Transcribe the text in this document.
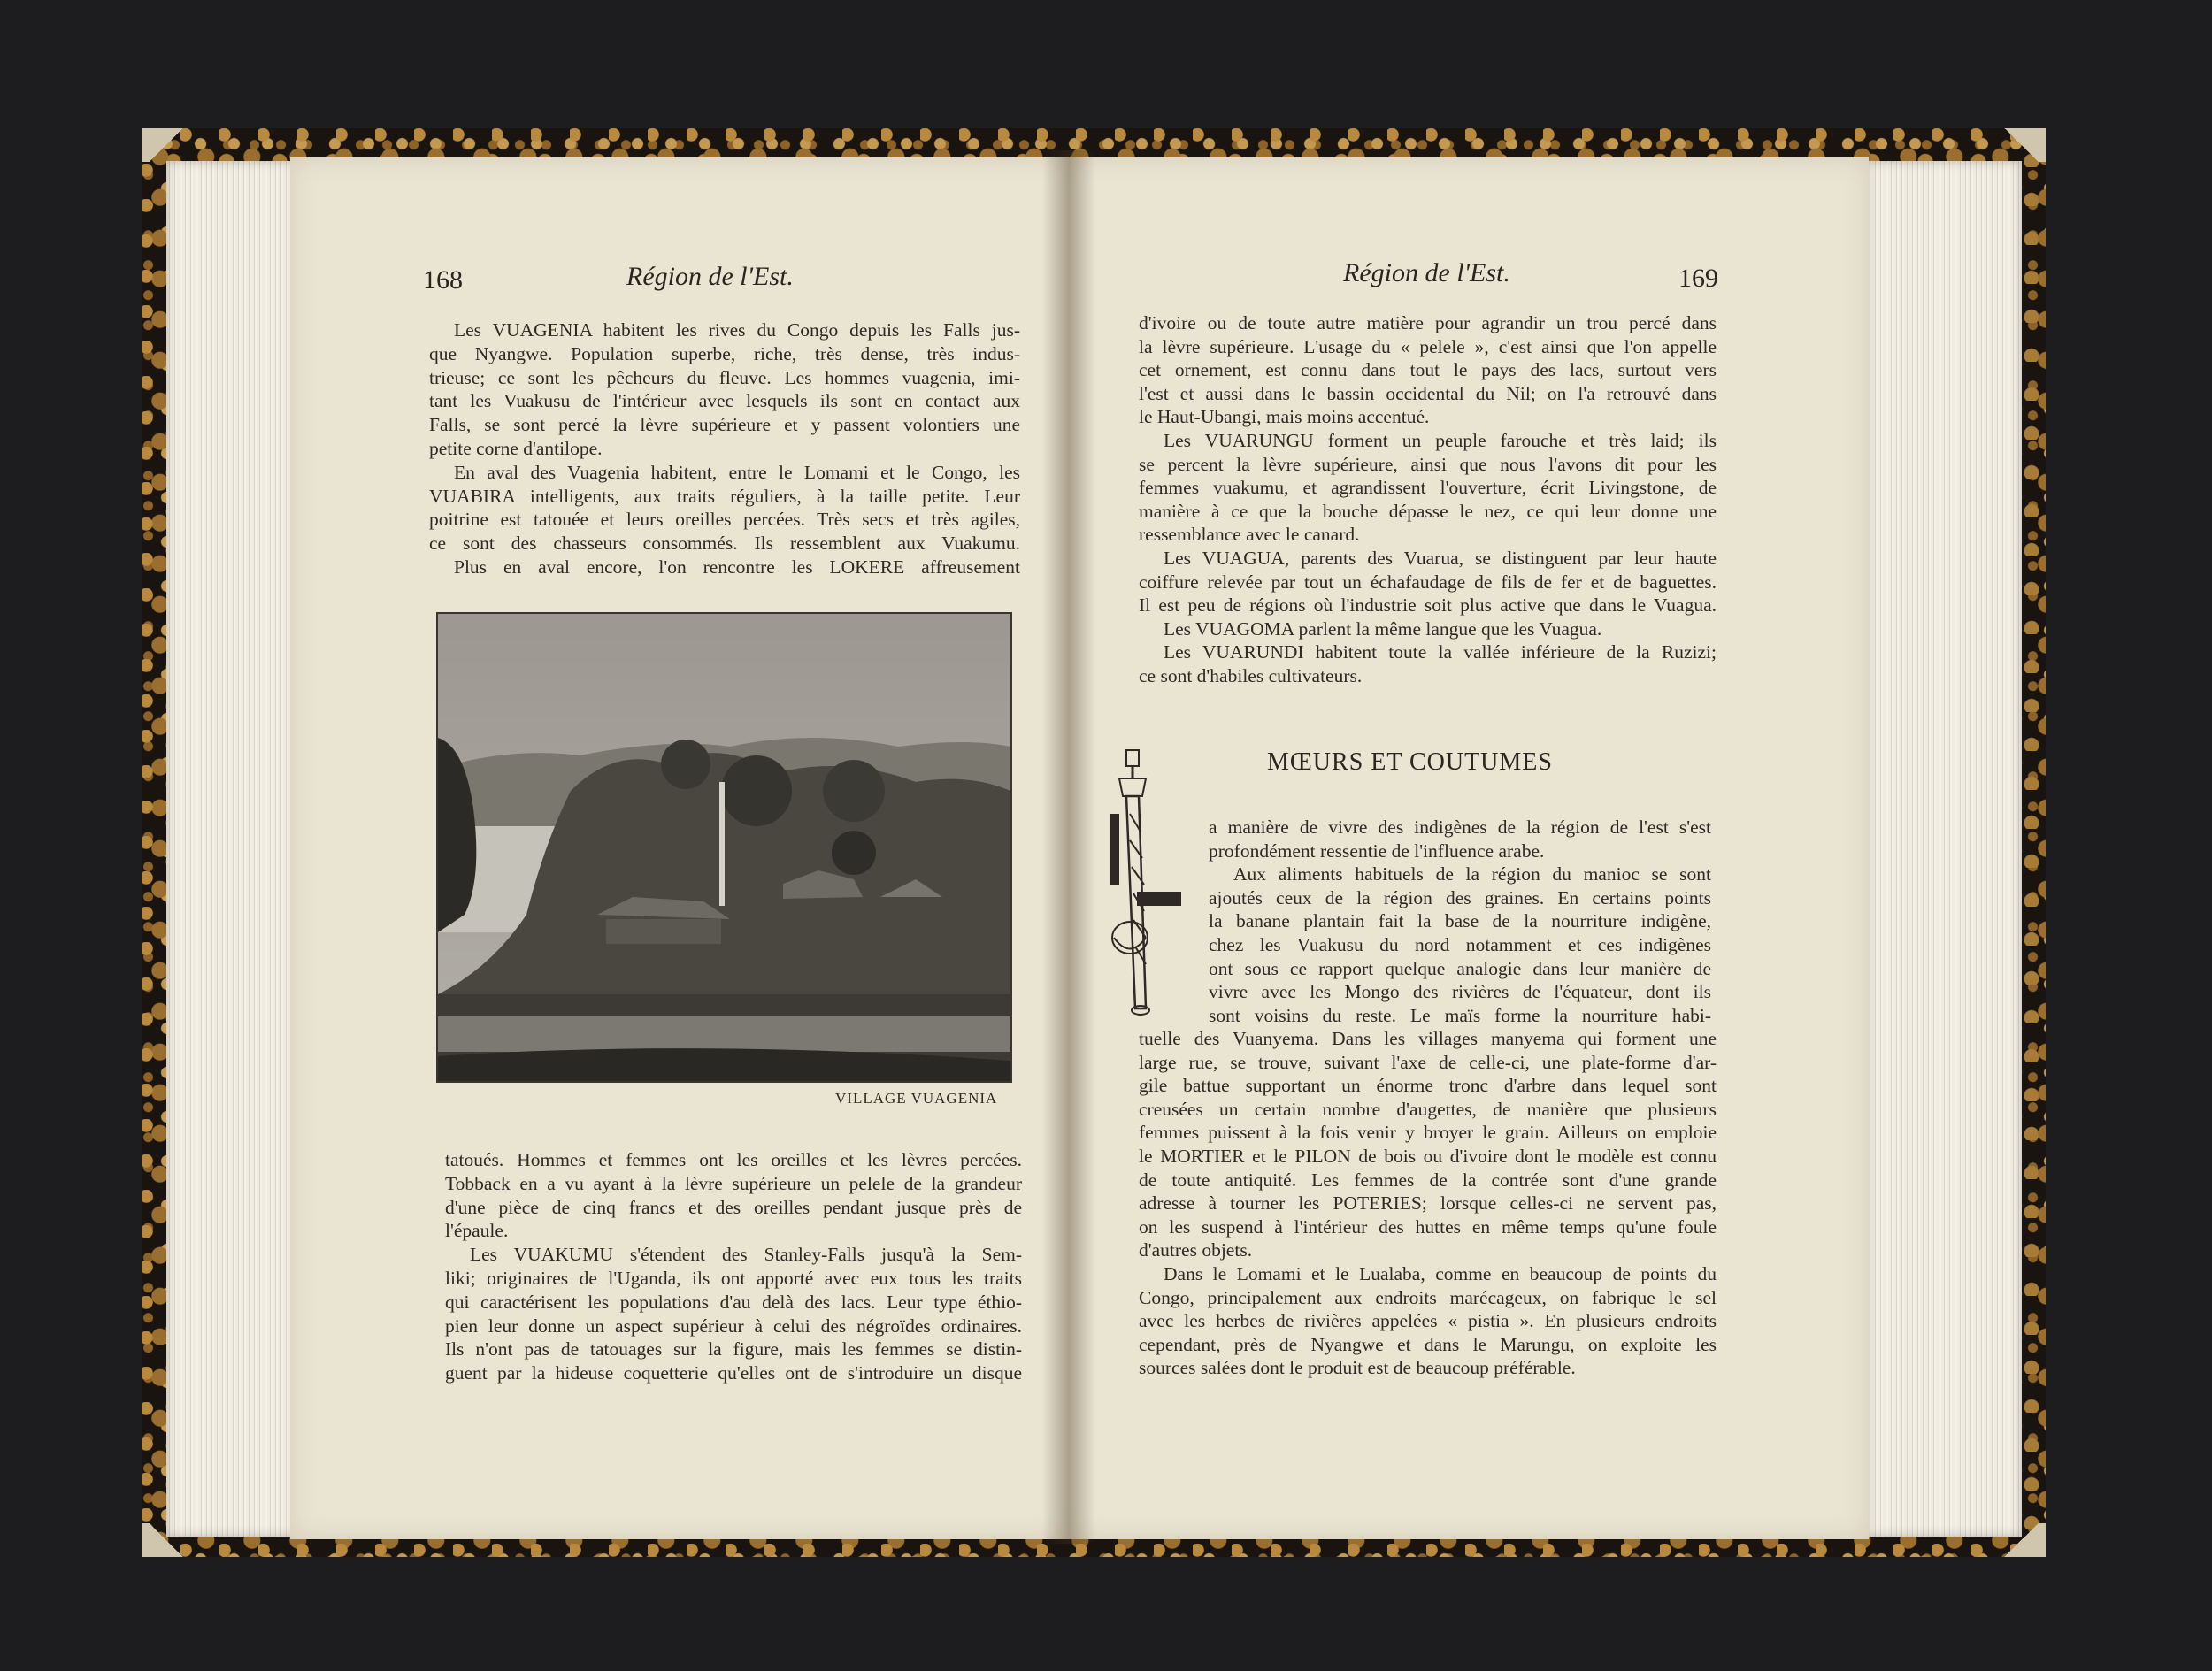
168	Région de l'Est.
Les VUAGENIA habitent les rives du Congo depuis les Falls jus-
que Nyangwe. Population superbe, riche, très dense, très indus-
trieuse; ce sont les pêcheurs du fleuve. Les hommes vuagenia, imi-
tant les Vuakusu de l'intérieur avec lesquels ils sont en contact aux
Falls, se sont percé la lèvre supérieure et y passent volontiers une
petite corne d'antilope.
En aval des Vuagenia habitent, entre le Lomami et le Congo, les
VUABIRA intelligents, aux traits réguliers, à la taille petite. Leur
poitrine est tatouée et leurs oreilles percées. Très secs et très agiles,
ce sont des chasseurs consommés. Ils ressemblent aux Vuakumu.
Plus en aval encore, l'on rencontre les LOKERE affreusement
tatoués. Hommes et femmes ont les oreilles et les lèvres percées.
Tobback en a vu ayant à la lèvre supérieure un pelele de la grandeur
d'une pièce de cinq francs et des oreilles pendant jusque près de
l'épaule.
Les VUAKUMU s'étendent des Stanley-Falls jusqu'à la Sem-
liki; originaires de l'Uganda, ils ont apporté avec eux tous les traits
qui caractérisent les populations d'au delà des lacs. Leur type éthio-
pien leur donne un aspect supérieur à celui des négroïdes ordinaires.
Ils n'ont pas de tatouages sur la figure, mais les femmes se distin-
guent par la hideuse coquetterie qu'elles ont de s'introduire un disque
VILLAGE VUAGENIA
Région de l'Est.	169
d'ivoire ou de toute autre matière pour agrandir un trou percé dans
la lèvre supérieure. L'usage du « pelele », c'est ainsi que l'on appelle
cet ornement, est connu dans tout le pays des lacs, surtout vers
l'est et aussi dans le bassin occidental du Nil; on l'a retrouvé dans
le Haut-Ubangi, mais moins accentué.
Les VUARUNGU forment un peuple farouche et très laid; ils
se percent la lèvre supérieure, ainsi que nous l'avons dit pour les
femmes vuakumu, et agrandissent l'ouverture, écrit Livingstone, de
manière à ce que la bouche dépasse le nez, ce qui leur donne une
ressemblance avec le canard.
Les VUAGUA, parents des Vuarua, se distinguent par leur haute
coiffure relevée par tout un échafaudage de fils de fer et de baguettes.
Il est peu de régions où l'industrie soit plus active que dans le Vuagua.
Les VUAGOMA parlent la même langue que les Vuagua.
Les VUARUNDI habitent toute la vallée inférieure de la Ruzizi;
ce sont d'habiles cultivateurs.
MŒURS ET COUTUMES
a manière de vivre des indigènes de la région de l'est s'est
profondément ressentie de l'influence arabe.
Aux aliments habituels de la région du manioc se sont
ajoutés ceux de la région des graines. En certains points
la banane plantain fait la base de la nourriture indigène,
chez les Vuakusu du nord notamment et ces indigènes
ont sous ce rapport quelque analogie dans leur manière de
vivre avec les Mongo des rivières de l'équateur, dont ils
sont voisins du reste. Le maïs forme la nourriture habi-
tuelle des Vuanyema. Dans les villages manyema qui forment une
large rue, se trouve, suivant l'axe de celle-ci, une plate-forme d'ar-
gile battue supportant un énorme tronc d'arbre dans lequel sont
creusées un certain nombre d'augettes, de manière que plusieurs
femmes puissent à la fois venir y broyer le grain. Ailleurs on emploie
le MORTIER et le PILON de bois ou d'ivoire dont le modèle est connu
de toute antiquité. Les femmes de la contrée sont d'une grande
adresse à tourner les POTERIES; lorsque celles-ci ne servent pas,
on les suspend à l'intérieur des huttes en même temps qu'une foule
d'autres objets.
Dans le Lomami et le Lualaba, comme en beaucoup de points du
Congo, principalement aux endroits marécageux, on fabrique le sel
avec les herbes de rivières appelées « pistia ». En plusieurs endroits
cependant, près de Nyangwe et dans le Marungu, on exploite les
sources salées dont le produit est de beaucoup préférable.
